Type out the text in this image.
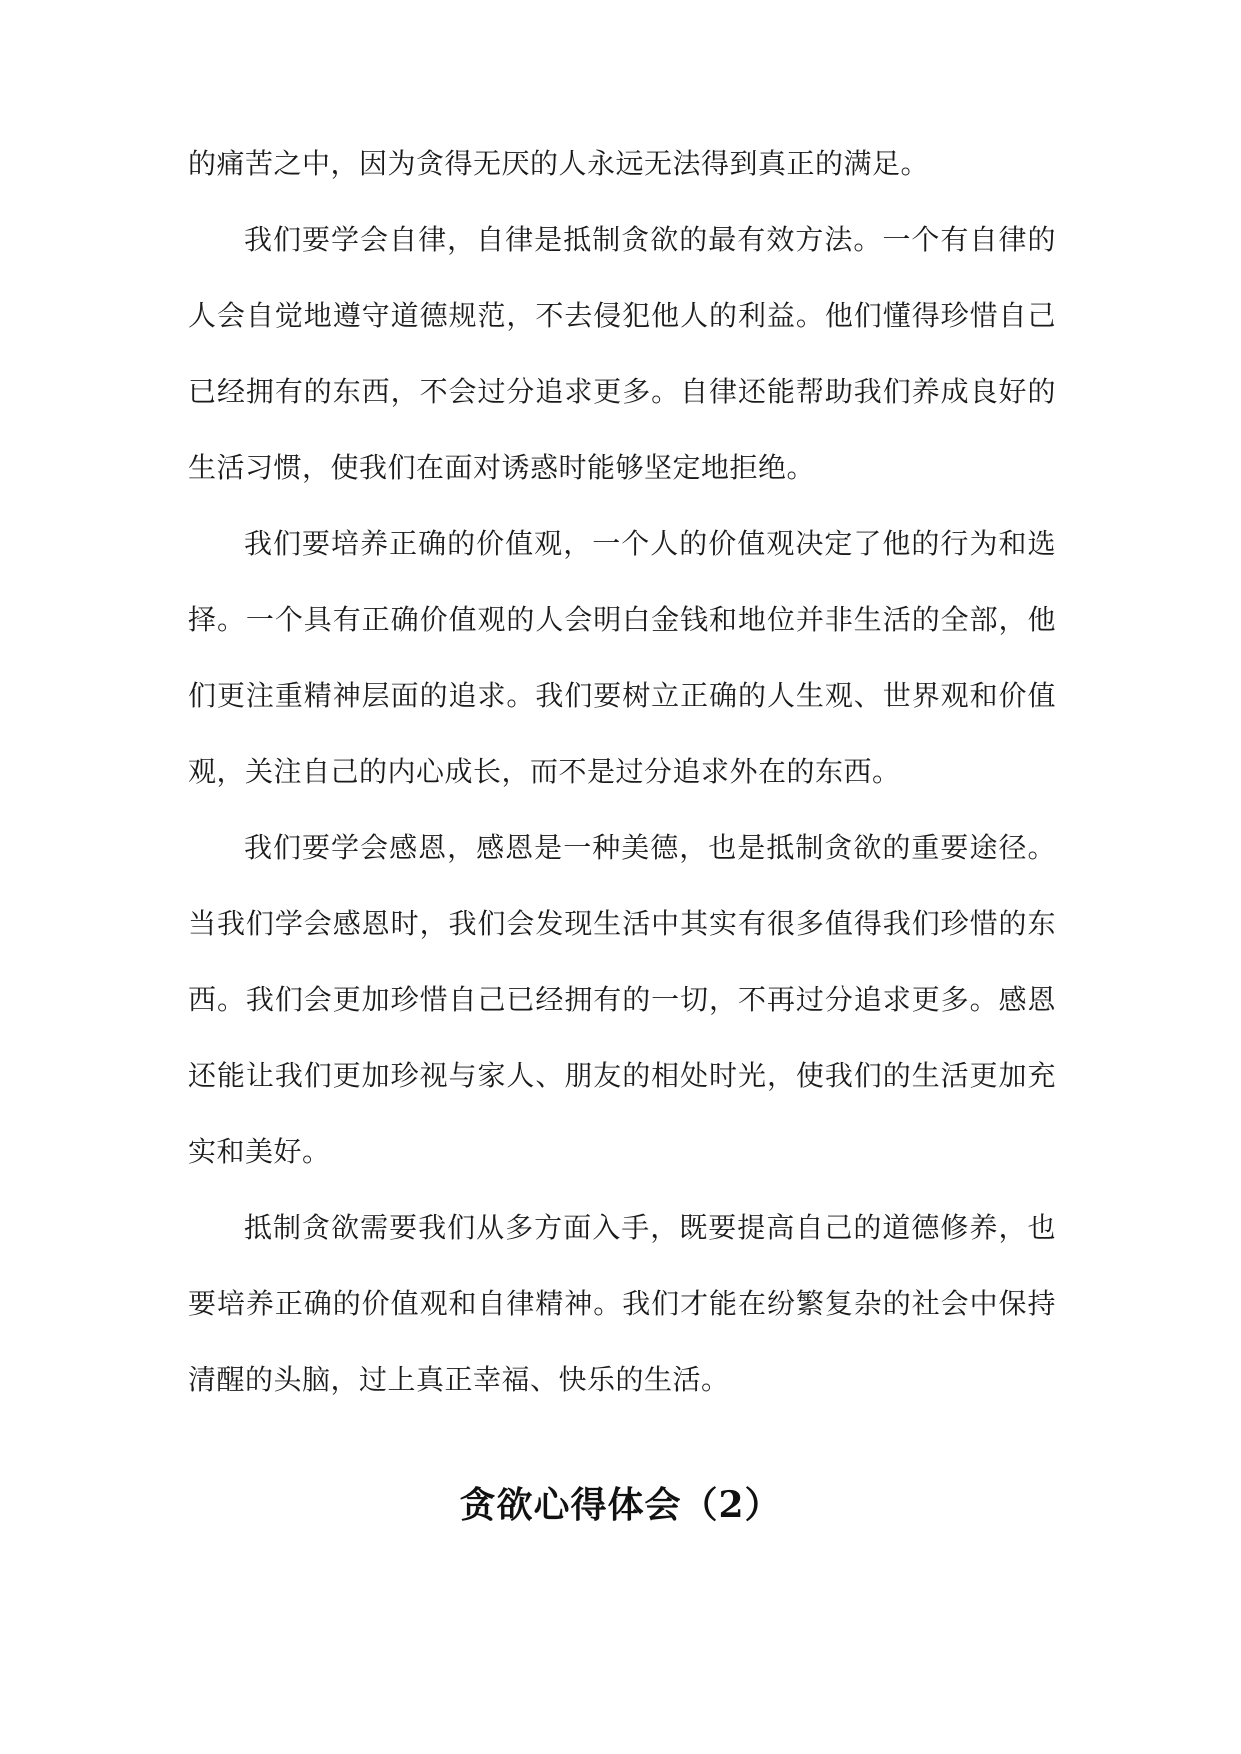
的痛苦之中，因为贪得无厌的人永远无法得到真正的满足。

我们要学会自律，自律是抵制贪欲的最有效方法。一个有自律的人会自觉地遵守道德规范，不去侵犯他人的利益。他们懂得珍惜自己已经拥有的东西，不会过分追求更多。自律还能帮助我们养成良好的生活习惯，使我们在面对诱惑时能够坚定地拒绝。

我们要培养正确的价值观，一个人的价值观决定了他的行为和选择。一个具有正确价值观的人会明白金钱和地位并非生活的全部，他们更注重精神层面的追求。我们要树立正确的人生观、世界观和价值观，关注自己的内心成长，而不是过分追求外在的东西。

我们要学会感恩，感恩是一种美德，也是抵制贪欲的重要途径。当我们学会感恩时，我们会发现生活中其实有很多值得我们珍惜的东西。我们会更加珍惜自己已经拥有的一切，不再过分追求更多。感恩还能让我们更加珍视与家人、朋友的相处时光，使我们的生活更加充实和美好。

抵制贪欲需要我们从多方面入手，既要提高自己的道德修养，也要培养正确的价值观和自律精神。我们才能在纷繁复杂的社会中保持清醒的头脑，过上真正幸福、快乐的生活。

贪欲心得体会（2）
